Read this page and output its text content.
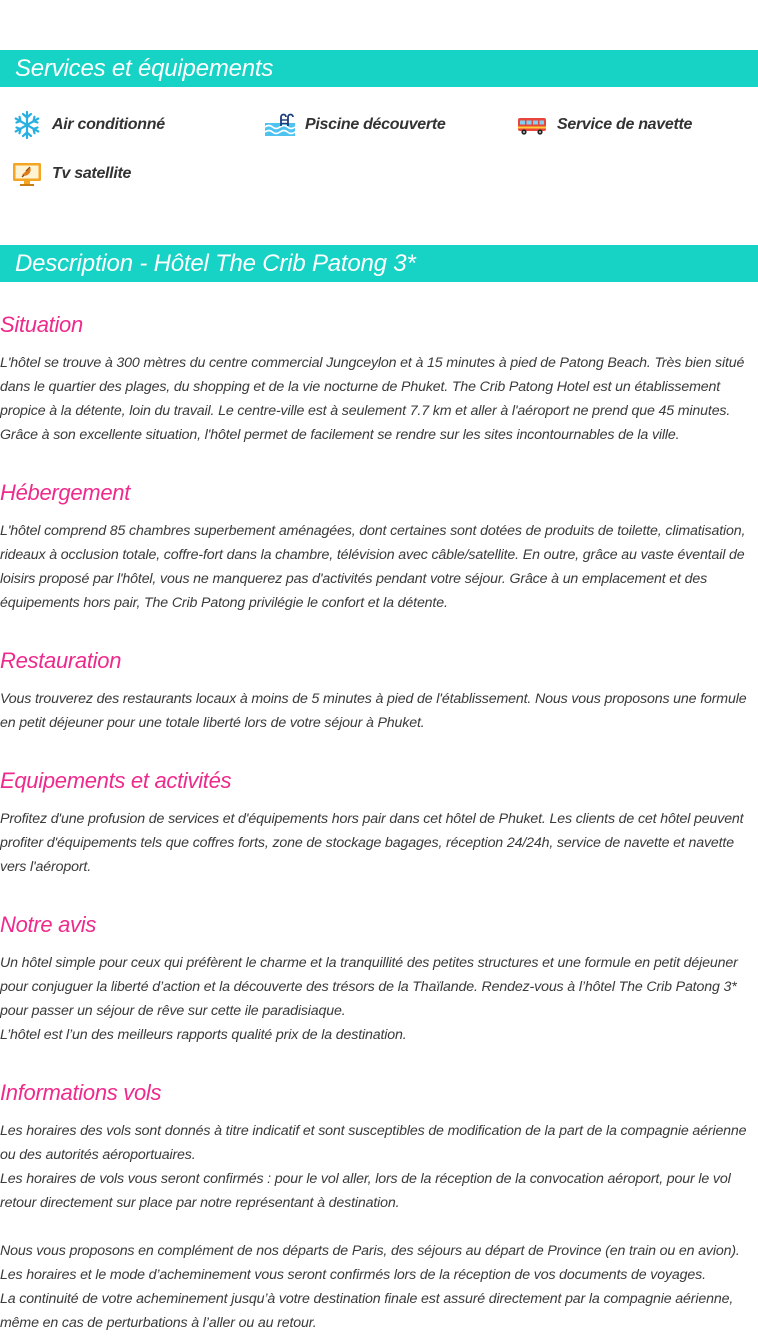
Services et équipements
Air conditionné	Piscine découverte	Service de navette
Tv satellite
Description - Hôtel The Crib Patong 3*
Situation

L'hôtel se trouve à 300 mètres du centre commercial Jungceylon et à 15 minutes à pied de Patong Beach. Très bien situé dans le quartier des plages, du shopping et de la vie nocturne de Phuket. The Crib Patong Hotel est un établissement propice à la détente, loin du travail. Le centre-ville est à seulement 7.7 km et aller à l'aéroport ne prend que 45 minutes. Grâce à son excellente situation, l'hôtel permet de facilement se rendre sur les sites incontournables de la ville.

Hébergement

L'hôtel comprend 85 chambres superbement aménagées, dont certaines sont dotées de produits de toilette, climatisation, rideaux à occlusion totale, coffre-fort dans la chambre, télévision avec câble/satellite. En outre, grâce au vaste éventail de loisirs proposé par l'hôtel, vous ne manquerez pas d'activités pendant votre séjour. Grâce à un emplacement et des équipements hors pair, The Crib Patong privilégie le confort et la détente.

Restauration

Vous trouverez des restaurants locaux à moins de 5 minutes à pied de l'établissement. Nous vous proposons une formule en petit déjeuner pour une totale liberté lors de votre séjour à Phuket.

Equipements et activités

Profitez d'une profusion de services et d'équipements hors pair dans cet hôtel de Phuket. Les clients de cet hôtel peuvent profiter d'équipements tels que coffres forts, zone de stockage bagages, réception 24/24h, service de navette et navette vers l'aéroport.

Notre avis

Un hôtel simple pour ceux qui préfèrent le charme et la tranquillité des petites structures et une formule en petit déjeuner pour conjuguer la liberté d’action et la découverte des trésors de la Thaïlande. Rendez-vous à l’hôtel The Crib Patong 3* pour passer un séjour de rêve sur cette ile paradisiaque.
L’hôtel est l’un des meilleurs rapports qualité prix de la destination.

Informations vols

Les horaires des vols sont donnés à titre indicatif et sont susceptibles de modification de la part de la compagnie aérienne ou des autorités aéroportuaires.
Les horaires de vols vous seront confirmés : pour le vol aller, lors de la réception de la convocation aéroport, pour le vol retour directement sur place par notre représentant à destination.

Nous vous proposons en complément de nos départs de Paris, des séjours au départ de Province (en train ou en avion).
Les horaires et le mode d’acheminement vous seront confirmés lors de la réception de vos documents de voyages.
La continuité de votre acheminement jusqu’à votre destination finale est assuré directement par la compagnie aérienne, même en cas de perturbations à l’aller ou au retour.
